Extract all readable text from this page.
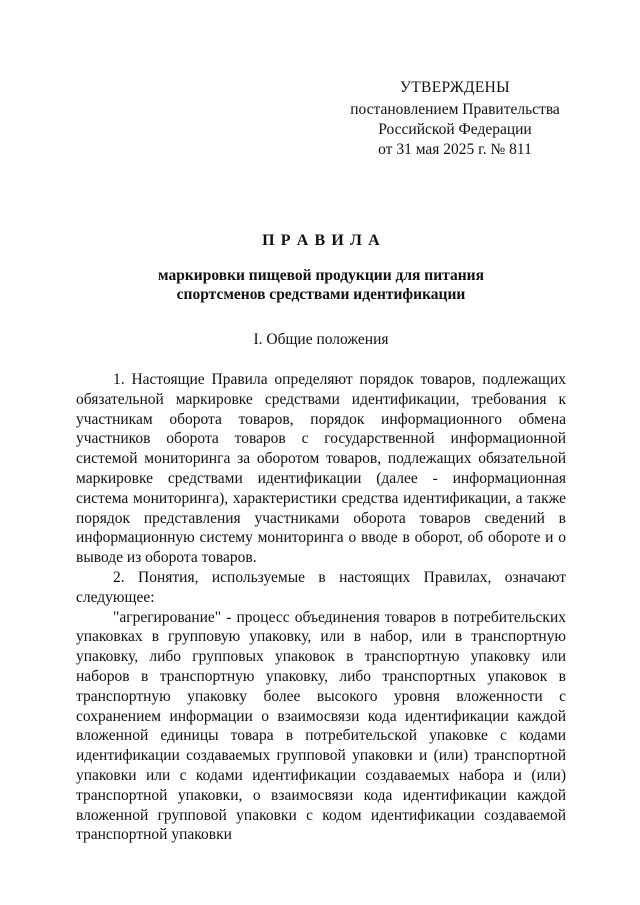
УТВЕРЖДЕНЫ
постановлением Правительства
Российской Федерации
от 31 мая 2025 г. № 811
П Р А В И Л А
маркировки пищевой продукции для питания
спортсменов средствами идентификации
I. Общие положения

1. Настоящие Правила определяют порядок товаров, подлежащих обязательной маркировке средствами идентификации, требования к участникам оборота товаров, порядок информационного обмена участников оборота товаров с государственной информационной системой мониторинга за оборотом товаров, подлежащих обязательной маркировке средствами идентификации (далее - информационная система мониторинга), характеристики средства идентификации, а также порядок представления участниками оборота товаров сведений в информационную систему мониторинга о вводе в оборот, об обороте и о выводе из оборота товаров.

2. Понятия, используемые в настоящих Правилах, означают следующее:

"агрегирование" - процесс объединения товаров в потребительских упаковках в групповую упаковку, или в набор, или в транспортную упаковку, либо групповых упаковок в транспортную упаковку или наборов в транспортную упаковку, либо транспортных упаковок в транспортную упаковку более высокого уровня вложенности с сохранением информации о взаимосвязи кода идентификации каждой вложенной единицы товара в потребительской упаковке с кодами идентификации создаваемых групповой упаковки и (или) транспортной упаковки или с кодами идентификации создаваемых набора и (или) транспортной упаковки, о взаимосвязи кода идентификации каждой вложенной групповой упаковки с кодом идентификации создаваемой транспортной упаковки
